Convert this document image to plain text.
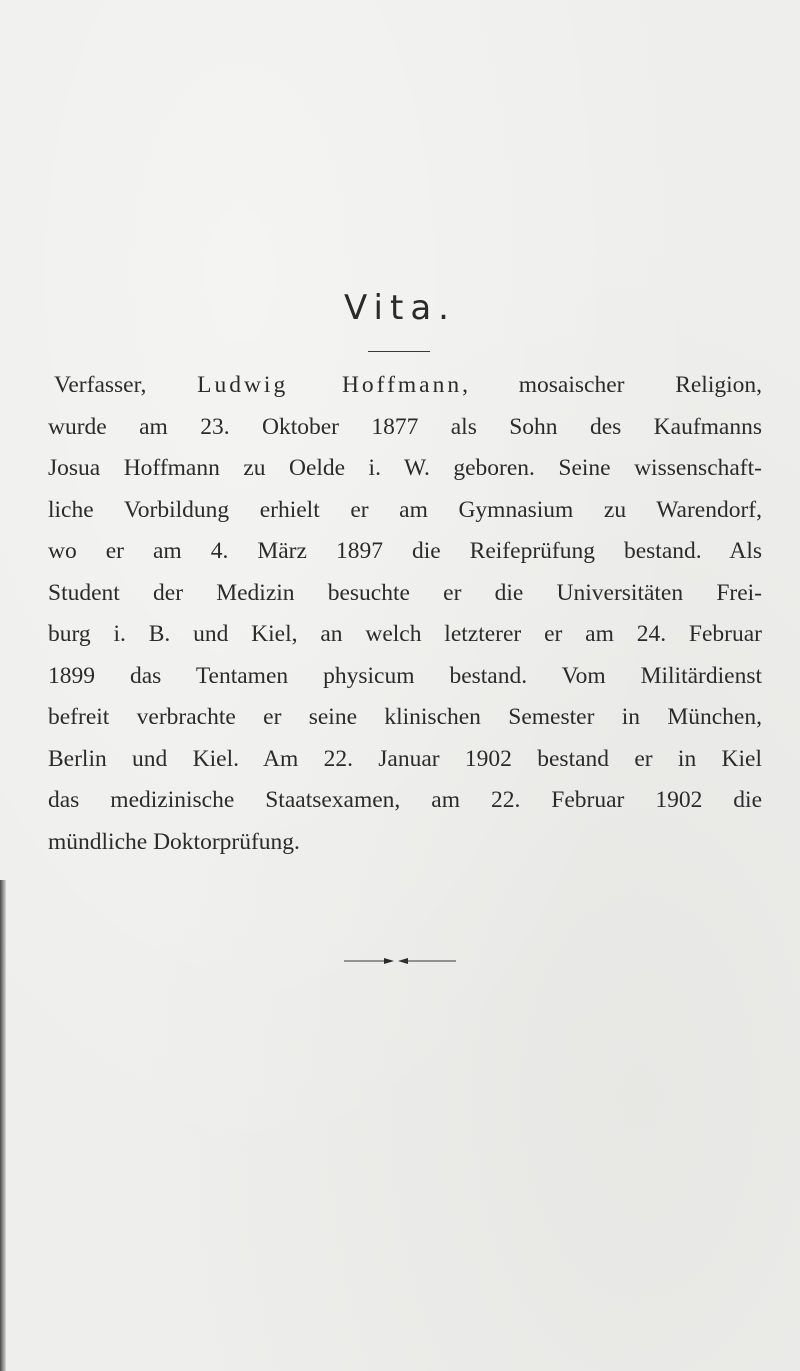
Vita.
Verfasser, Ludwig Hoffmann, mosaischer Religion,
wurde am 23. Oktober 1877 als Sohn des Kaufmanns
Josua Hoffmann zu Oelde i. W. geboren. Seine wissenschaft-
liche Vorbildung erhielt er am Gymnasium zu Warendorf,
wo er am 4. März 1897 die Reifeprüfung bestand. Als
Student der Medizin besuchte er die Universitäten Frei-
burg i. B. und Kiel, an welch letzterer er am 24. Februar
1899 das Tentamen physicum bestand. Vom Militärdienst
befreit verbrachte er seine klinischen Semester in München,
Berlin und Kiel. Am 22. Januar 1902 bestand er in Kiel
das medizinische Staatsexamen, am 22. Februar 1902 die
mündliche Doktorprüfung.
